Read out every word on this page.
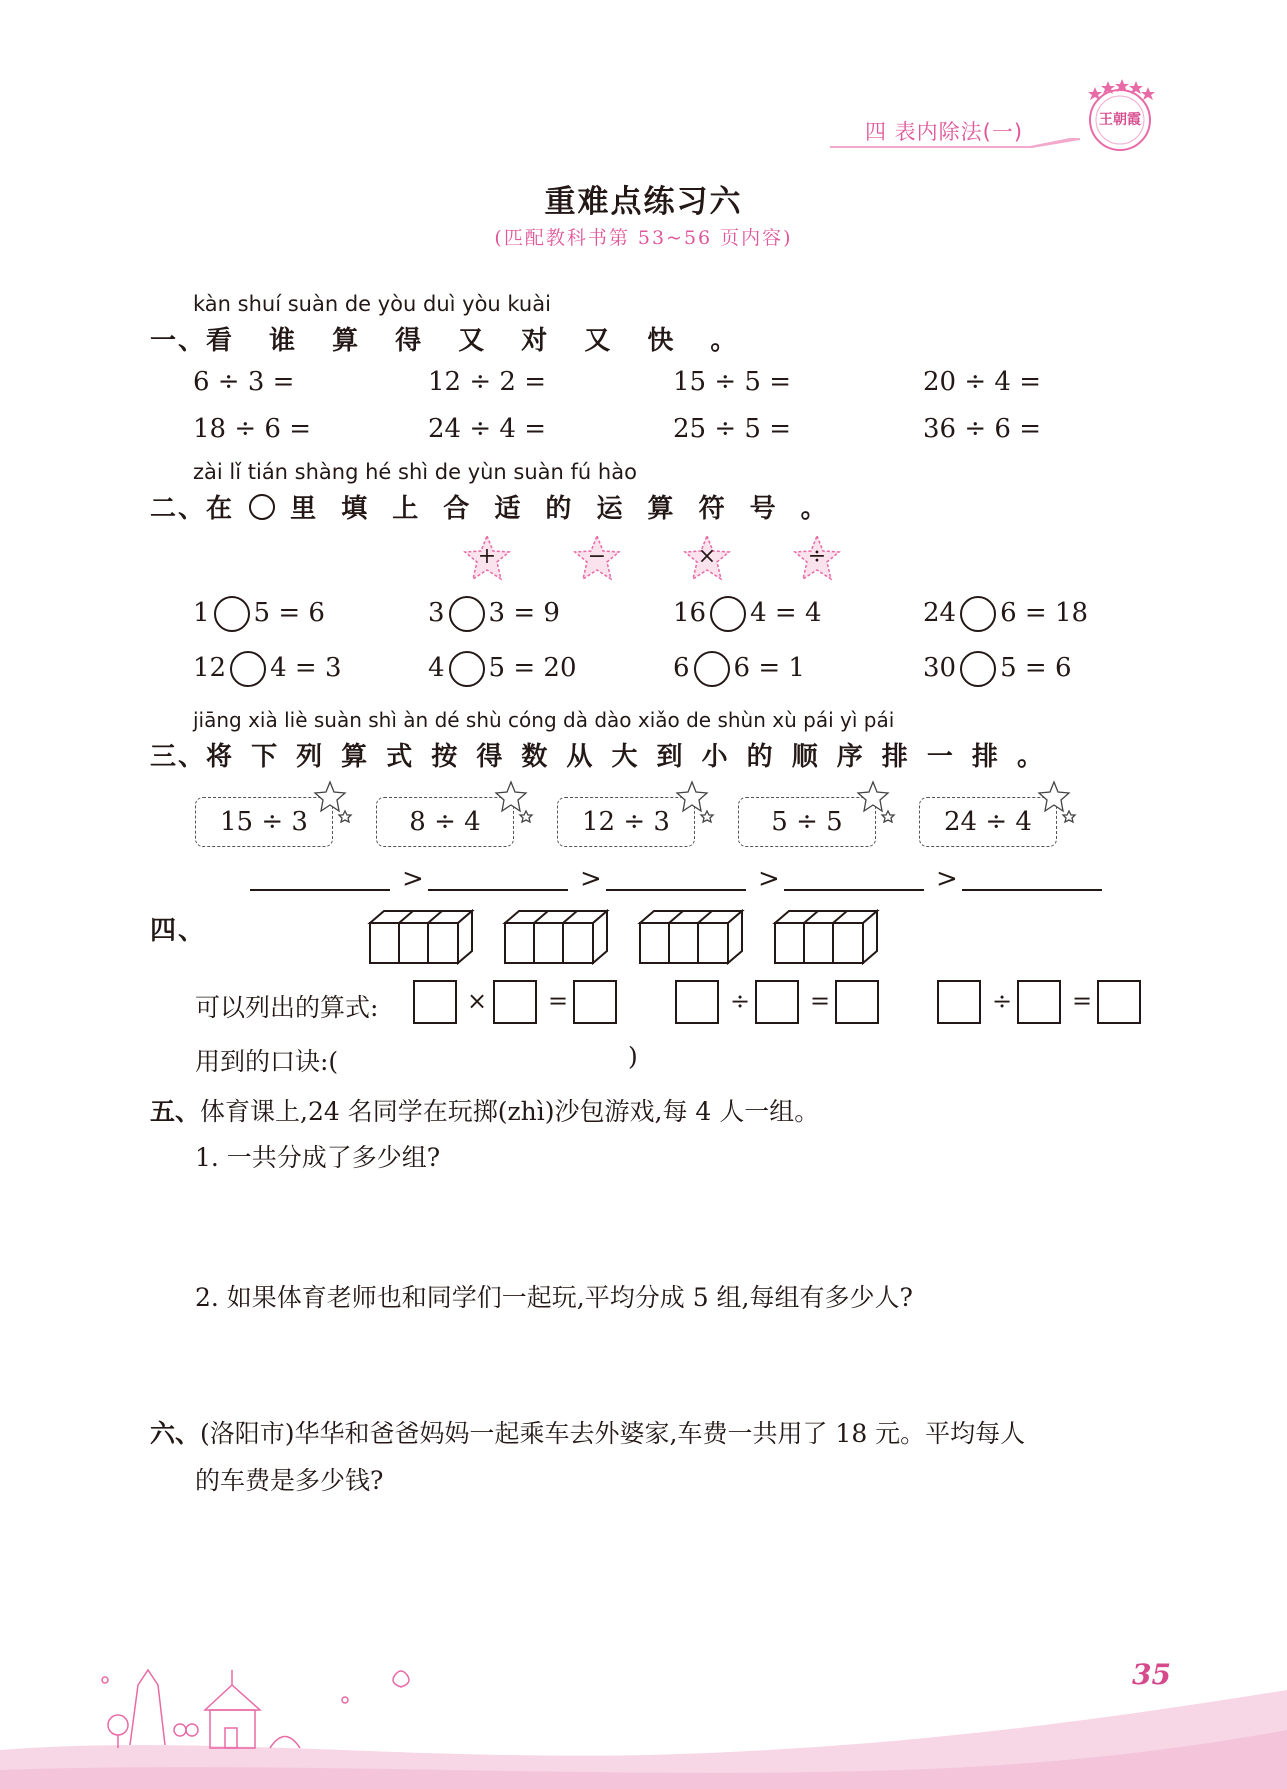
四 表内除法(一)	王朝霞
重难点练习六
(匹配教科书第 53~56 页内容)
kàn shuí suàn de yòu duì yòu kuài
一、看 谁 算 得 又 对 又 快 。
6 ÷ 3 =	12 ÷ 2 =	15 ÷ 5 =	20 ÷ 4 =
18 ÷ 6 =	24 ÷ 4 =	25 ÷ 5 =	36 ÷ 6 =
zài lǐ tián shàng hé shì de yùn suàn fú hào
二、在 里 填 上 合 适 的 运 算 符 号 。
+	−	×	÷
1 5 = 6	3 3 = 9	16 4 = 4	24 6 = 18
12 4 = 3	4 5 = 20	6 6 = 1	30 5 = 6
jiāng xià liè suàn shì àn dé shù cóng dà dào xiǎo de shùn xù pái yì pái
三、将 下 列 算 式 按 得 数 从 大 到 小 的 顺 序 排 一 排 。
15 ÷ 3	8 ÷ 4	12 ÷ 3	5 ÷ 5	24 ÷ 4
>	>	>	>
四、
可以列出的算式:	×	=	÷ =	÷ =
用到的口诀:(	)
五、体育课上,24 名同学在玩掷(zhì)沙包游戏,每 4 人一组。
1. 一共分成了多少组?
2. 如果体育老师也和同学们一起玩,平均分成 5 组,每组有多少人?
六、(洛阳市)华华和爸爸妈妈一起乘车去外婆家,车费一共用了 18 元。平均每人
的车费是多少钱?
35
